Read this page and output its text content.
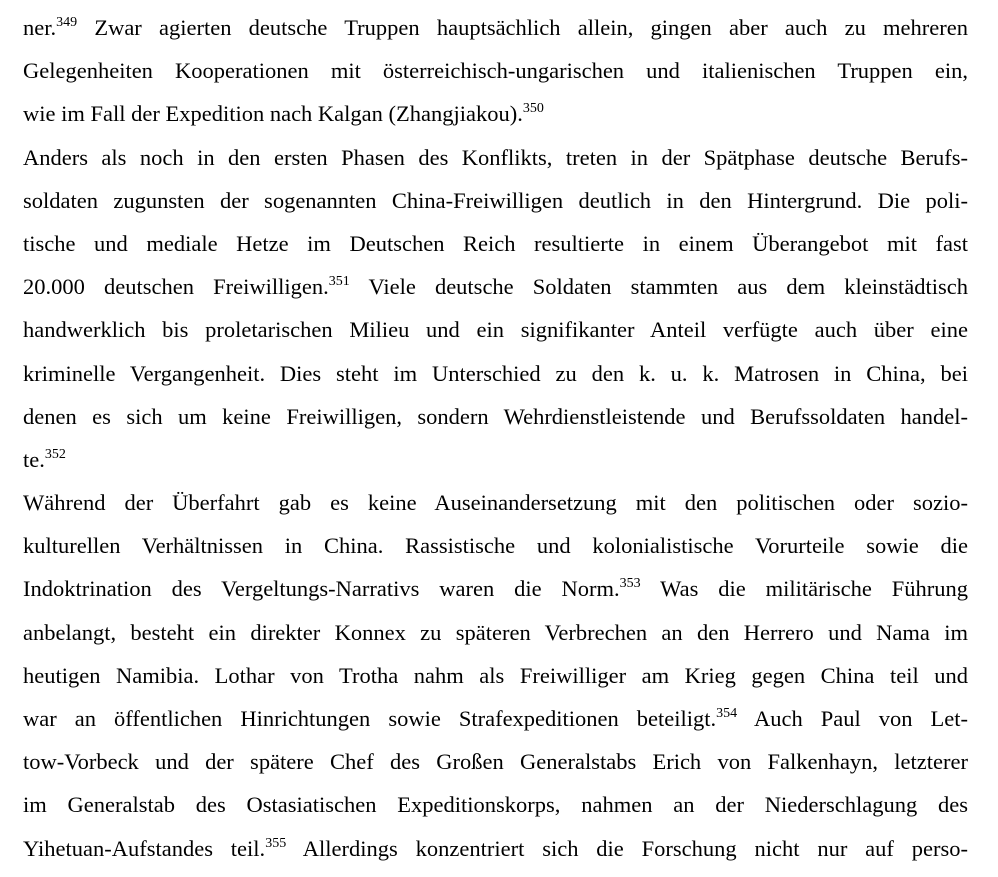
ner.$^{349}$ Zwar agierten deutsche Truppen hauptsächlich allein, gingen aber auch zu mehreren
Gelegenheiten Kooperationen mit österreichisch-ungarischen und italienischen Truppen ein,
wie im Fall der Expedition nach Kalgan (Zhangjiakou).$^{350}$
Anders als noch in den ersten Phasen des Konflikts, treten in der Spätphase deutsche Berufs-
soldaten zugunsten der sogenannten China-Freiwilligen deutlich in den Hintergrund. Die poli-
tische und mediale Hetze im Deutschen Reich resultierte in einem Überangebot mit fast
20.000 deutschen Freiwilligen.$^{351}$ Viele deutsche Soldaten stammten aus dem kleinstädtisch
handwerklich bis proletarischen Milieu und ein signifikanter Anteil verfügte auch über eine
kriminelle Vergangenheit. Dies steht im Unterschied zu den k. u. k. Matrosen in China, bei
denen es sich um keine Freiwilligen, sondern Wehrdienstleistende und Berufssoldaten handel-
te.$^{352}$
Während der Überfahrt gab es keine Auseinandersetzung mit den politischen oder sozio-
kulturellen Verhältnissen in China. Rassistische und kolonialistische Vorurteile sowie die
Indoktrination des Vergeltungs-Narrativs waren die Norm.$^{353}$ Was die militärische Führung
anbelangt, besteht ein direkter Konnex zu späteren Verbrechen an den Herrero und Nama im
heutigen Namibia. Lothar von Trotha nahm als Freiwilliger am Krieg gegen China teil und
war an öffentlichen Hinrichtungen sowie Strafexpeditionen beteiligt.$^{354}$ Auch Paul von Let-
tow-Vorbeck und der spätere Chef des Großen Generalstabs Erich von Falkenhayn, letzterer
im Generalstab des Ostasiatischen Expeditionskorps, nahmen an der Niederschlagung des
Yihetuan-Aufstandes teil.$^{355}$ Allerdings konzentriert sich die Forschung nicht nur auf perso-
